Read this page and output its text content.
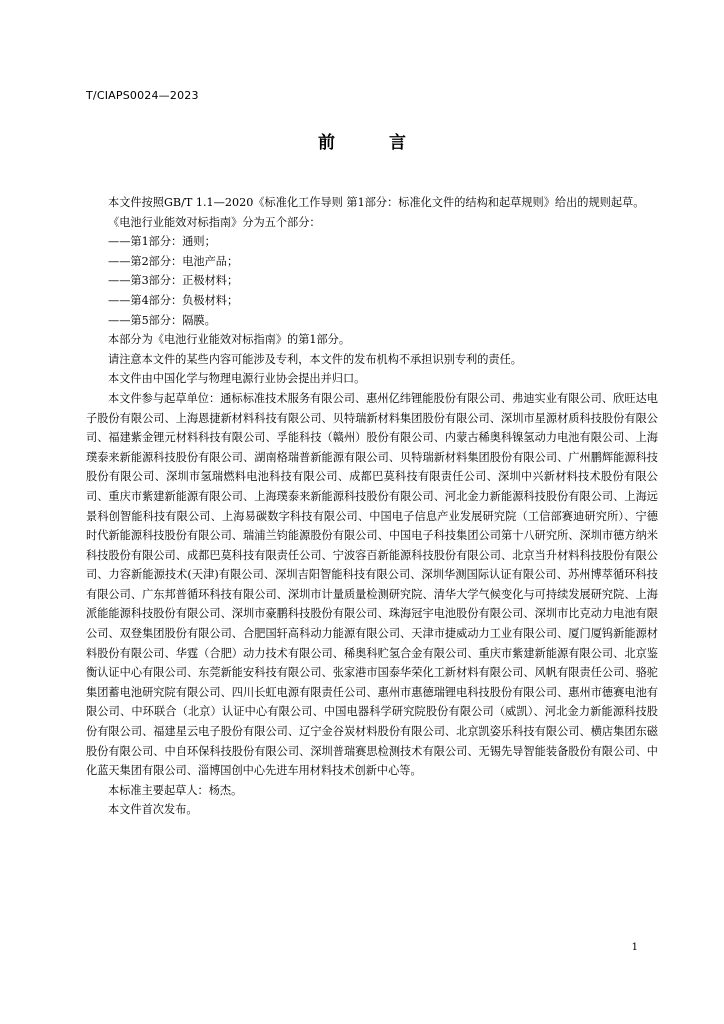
T/CIAPS0024—2023
前 言

本文件按照GB/T 1.1—2020《标准化工作导则 第1部分：标准化文件的结构和起草规则》给出的规则起草。

《电池行业能效对标指南》分为五个部分：

——第1部分：通则；

——第2部分：电池产品；

——第3部分：正极材料；

——第4部分：负极材料；

——第5部分：隔膜。

本部分为《电池行业能效对标指南》的第1部分。

请注意本文件的某些内容可能涉及专利，本文件的发布机构不承担识别专利的责任。

本文件由中国化学与物理电源行业协会提出并归口。

本文件参与起草单位：通标标准技术服务有限公司、惠州亿纬锂能股份有限公司、弗迪实业有限公司、欣旺达电子股份有限公司、上海恩捷新材料科技有限公司、贝特瑞新材料集团股份有限公司、深圳市星源材质科技股份有限公司、福建紫金锂元材料科技有限公司、孚能科技（赣州）股份有限公司、内蒙古稀奥科镍氢动力电池有限公司、上海璞泰来新能源科技股份有限公司、湖南格瑞普新能源有限公司、贝特瑞新材料集团股份有限公司、广州鹏辉能源科技股份有限公司、深圳市氢瑞燃料电池科技有限公司、成都巴莫科技有限责任公司、深圳中兴新材料技术股份有限公司、重庆市紫建新能源有限公司、上海璞泰来新能源科技股份有限公司、河北金力新能源科技股份有限公司、上海远景科创智能科技有限公司、上海易碳数字科技有限公司、中国电子信息产业发展研究院（工信部赛迪研究所）、宁德时代新能源科技股份有限公司、瑞浦兰钧能源股份有限公司、中国电子科技集团公司第十八研究所、深圳市德方纳米科技股份有限公司、成都巴莫科技有限责任公司、宁波容百新能源科技股份有限公司、北京当升材料科技股份有限公司、力容新能源技术(天津)有限公司、深圳吉阳智能科技有限公司、深圳华测国际认证有限公司、苏州博萃循环科技有限公司、广东邦普循环科技有限公司、深圳市计量质量检测研究院、清华大学气候变化与可持续发展研究院、上海派能能源科技股份有限公司、深圳市豪鹏科技股份有限公司、珠海冠宇电池股份有限公司、深圳市比克动力电池有限公司、双登集团股份有限公司、合肥国轩高科动力能源有限公司、天津市捷威动力工业有限公司、厦门厦钨新能源材料股份有限公司、华霆（合肥）动力技术有限公司、稀奥科贮氢合金有限公司、重庆市紫建新能源有限公司、北京鉴衡认证中心有限公司、东莞新能安科技有限公司、张家港市国泰华荣化工新材料有限公司、风帆有限责任公司、骆驼集团蓄电池研究院有限公司、四川长虹电源有限责任公司、惠州市惠德瑞锂电科技股份有限公司、惠州市德赛电池有限公司、中环联合（北京）认证中心有限公司、中国电器科学研究院股份有限公司（威凯）、河北金力新能源科技股份有限公司、福建星云电子股份有限公司、辽宁金谷炭材料股份有限公司、北京凯姿乐科技有限公司、横店集团东磁股份有限公司、中自环保科技股份有限公司、深圳普瑞赛思检测技术有限公司、无锡先导智能装备股份有限公司、中化蓝天集团有限公司、淄博国创中心先进车用材料技术创新中心等。

本标准主要起草人：杨杰。

本文件首次发布。

1
